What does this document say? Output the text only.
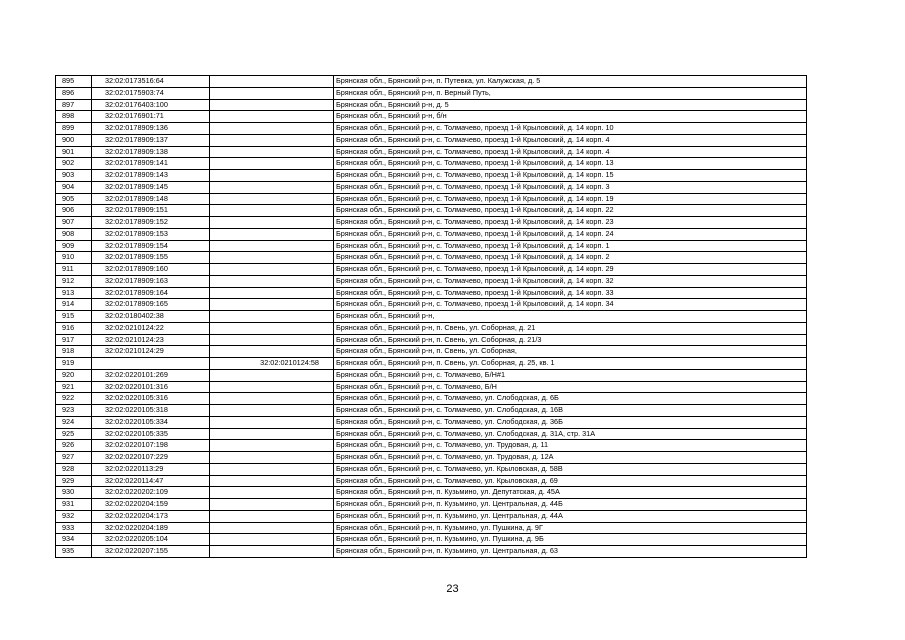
895	32:02:0173516:64		Брянская обл., Брянский р-н, п. Путевка, ул. Калужская, д. 5
896	32:02:0175903:74		Брянская обл., Брянский р-н, п. Верный Путь,
897	32:02:0176403:100		Брянская обл., Брянский р-н, д. 5
898	32:02:0176901:71		Брянская обл., Брянский р-н, б/н
899	32:02:0178909:136		Брянская обл., Брянский р-н, с. Толмачево, проезд 1-й Крыловский, д. 14 корп. 10
900	32:02:0178909:137		Брянская обл., Брянский р-н, с. Толмачево, проезд 1-й Крыловский, д. 14 корп. 4
901	32:02:0178909:138		Брянская обл., Брянский р-н, с. Толмачево, проезд 1-й Крыловский, д. 14 корп. 4
902	32:02:0178909:141		Брянская обл., Брянский р-н, с. Толмачево, проезд 1-й Крыловский, д. 14 корп. 13
903	32:02:0178909:143		Брянская обл., Брянский р-н, с. Толмачево, проезд 1-й Крыловский, д. 14 корп. 15
904	32:02:0178909:145		Брянская обл., Брянский р-н, с. Толмачево, проезд 1-й Крыловский, д. 14 корп. 3
905	32:02:0178909:148		Брянская обл., Брянский р-н, с. Толмачево, проезд 1-й Крыловский, д. 14 корп. 19
906	32:02:0178909:151		Брянская обл., Брянский р-н, с. Толмачево, проезд 1-й Крыловский, д. 14 корп. 22
907	32:02:0178909:152		Брянская обл., Брянский р-н, с. Толмачево, проезд 1-й Крыловский, д. 14 корп. 23
908	32:02:0178909:153		Брянская обл., Брянский р-н, с. Толмачево, проезд 1-й Крыловский, д. 14 корп. 24
909	32:02:0178909:154		Брянская обл., Брянский р-н, с. Толмачево, проезд 1-й Крыловский, д. 14 корп. 1
910	32:02:0178909:155		Брянская обл., Брянский р-н, с. Толмачево, проезд 1-й Крыловский, д. 14 корп. 2
911	32:02:0178909:160		Брянская обл., Брянский р-н, с. Толмачево, проезд 1-й Крыловский, д. 14 корп. 29
912	32:02:0178909:163		Брянская обл., Брянский р-н, с. Толмачево, проезд 1-й Крыловский, д. 14 корп. 32
913	32:02:0178909:164		Брянская обл., Брянский р-н, с. Толмачево, проезд 1-й Крыловский, д. 14 корп. 33
914	32:02:0178909:165		Брянская обл., Брянский р-н, с. Толмачево, проезд 1-й Крыловский, д. 14 корп. 34
915	32:02:0180402:38		Брянская обл., Брянский р-н,
916	32:02:0210124:22		Брянская обл., Брянский р-н, п. Свень, ул. Соборная, д. 21
917	32:02:0210124:23		Брянская обл., Брянский р-н, п. Свень, ул. Соборная, д. 21/3
918	32:02:0210124:29		Брянская обл., Брянский р-н, п. Свень, ул. Соборная,
919		32:02:0210124:58	Брянская обл., Брянский р-н, п. Свень, ул. Соборная, д. 25, кв. 1
920	32:02:0220101:269		Брянская обл., Брянский р-н, с. Толмачево, Б/Н#1
921	32:02:0220101:316		Брянская обл., Брянский р-н, с. Толмачево, Б/Н
922	32:02:0220105:316		Брянская обл., Брянский р-н, с. Толмачево, ул. Слободская, д. 6Б
923	32:02:0220105:318		Брянская обл., Брянский р-н, с. Толмачево, ул. Слободская, д. 16В
924	32:02:0220105:334		Брянская обл., Брянский р-н, с. Толмачево, ул. Слободская, д. 36Б
925	32:02:0220105:335		Брянская обл., Брянский р-н, с. Толмачево, ул. Слободская, д. 31А, стр. 31А
926	32:02:0220107:198		Брянская обл., Брянский р-н, с. Толмачево, ул. Трудовая, д. 11
927	32:02:0220107:229		Брянская обл., Брянский р-н, с. Толмачево, ул. Трудовая, д. 12А
928	32:02:0220113:29		Брянская обл., Брянский р-н, с. Толмачево, ул. Крыловская, д. 58В
929	32:02:0220114:47		Брянская обл., Брянский р-н, с. Толмачево, ул. Крыловская, д. 69
930	32:02:0220202:109		Брянская обл., Брянский р-н, п. Кузьмино, ул. Депутатская, д. 45А
931	32:02:0220204:159		Брянская обл., Брянский р-н, п. Кузьмино, ул. Центральная, д. 44Б
932	32:02:0220204:173		Брянская обл., Брянский р-н, п. Кузьмино, ул. Центральная, д. 44А
933	32:02:0220204:189		Брянская обл., Брянский р-н, п. Кузьмино, ул. Пушкина, д. 9Г
934	32:02:0220205:104		Брянская обл., Брянский р-н, п. Кузьмино, ул. Пушкина, д. 9Б
935	32:02:0220207:155		Брянская обл., Брянский р-н, п. Кузьмино, ул. Центральная, д. 63
23
